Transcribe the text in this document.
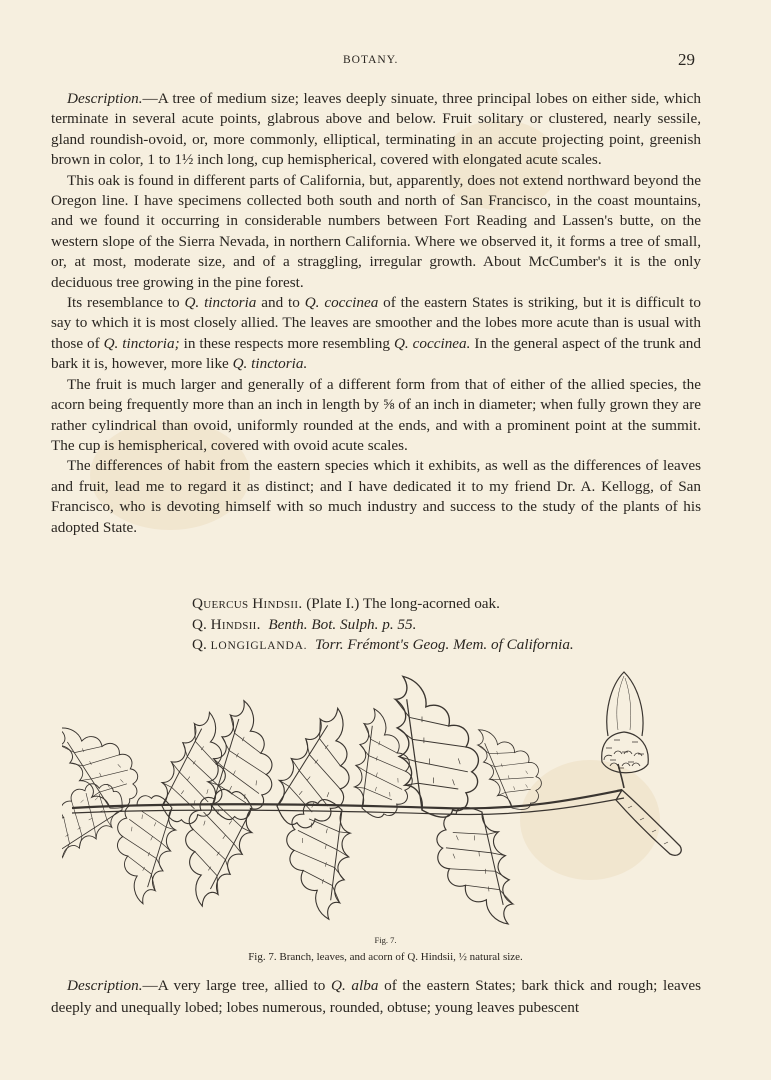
BOTANY.	29

Description.—A tree of medium size; leaves deeply sinuate, three principal lobes on either side, which terminate in several acute points, glabrous above and below. Fruit solitary or clustered, nearly sessile, gland roundish-ovoid, or, more commonly, elliptical, terminating in an accute projecting point, greenish brown in color, 1 to 1½ inch long, cup hemispherical, covered with elongated acute scales.

This oak is found in different parts of California, but, apparently, does not extend northward beyond the Oregon line. I have specimens collected both south and north of San Francisco, in the coast mountains, and we found it occurring in considerable numbers between Fort Reading and Lassen's butte, on the western slope of the Sierra Nevada, in northern California. Where we observed it, it forms a tree of small, or, at most, moderate size, and of a straggling, irregular growth. About McCumber's it is the only deciduous tree growing in the pine forest.

Its resemblance to Q. tinctoria and to Q. coccinea of the eastern States is striking, but it is difficult to say to which it is most closely allied. The leaves are smoother and the lobes more acute than is usual with those of Q. tinctoria; in these respects more resembling Q. coccinea. In the general aspect of the trunk and bark it is, however, more like Q. tinctoria.

The fruit is much larger and generally of a different form from that of either of the allied species, the acorn being frequently more than an inch in length by ⅝ of an inch in diameter; when fully grown they are rather cylindrical than ovoid, uniformly rounded at the ends, and with a prominent point at the summit. The cup is hemispherical, covered with ovoid acute scales.

The differences of habit from the eastern species which it exhibits, as well as the differences of leaves and fruit, lead me to regard it as distinct; and I have dedicated it to my friend Dr. A. Kellogg, of San Francisco, who is devoting himself with so much industry and success to the study of the plants of his adopted State.

Quercus Hindsii. (Plate I.) The long-acorned oak.
Q. Hindsii. Benth. Bot. Sulph. p. 55.
Q. LONGIGLANDA. Torr. Frémont's Geog. Mem. of California.
Fig. 7.
Fig. 7. Branch, leaves, and acorn of Q. Hindsii, ½ natural size.
Description.—A very large tree, allied to Q. alba of the eastern States; bark thick and rough; leaves deeply and unequally lobed; lobes numerous, rounded, obtuse; young leaves pubescent
